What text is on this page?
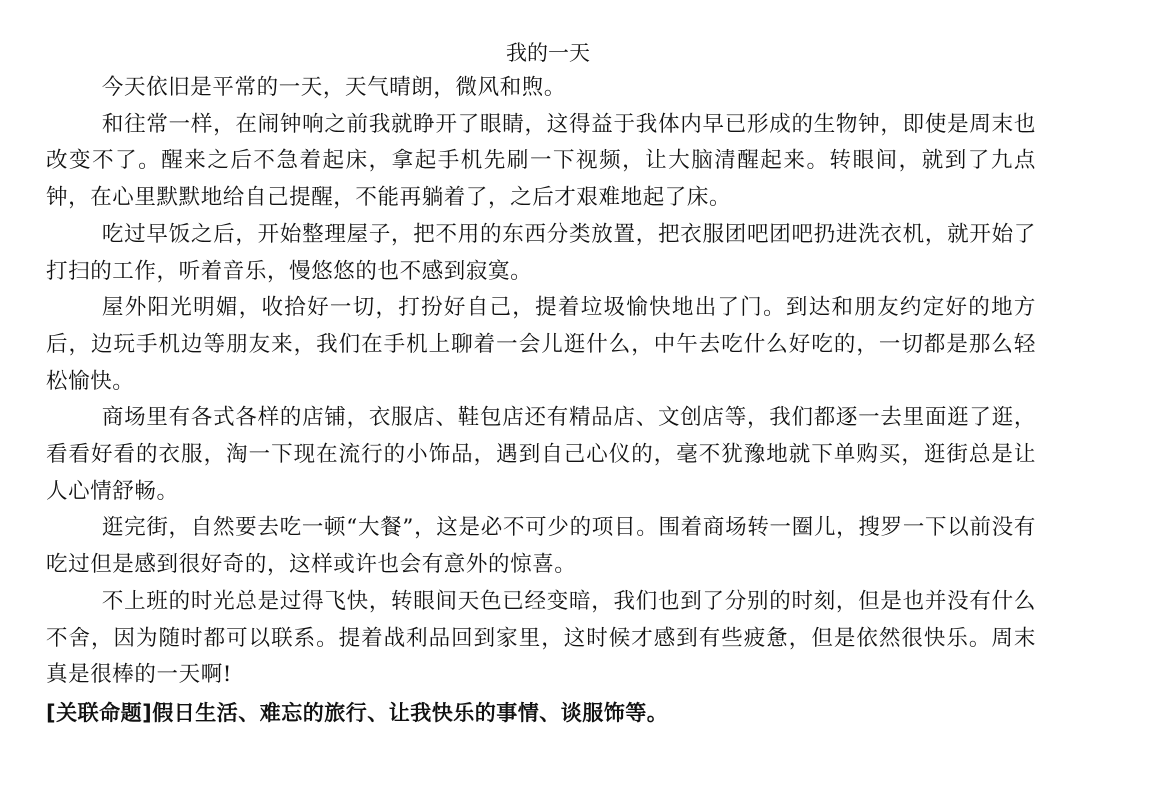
我的一天

今天依旧是平常的一天，天气晴朗，微风和煦。

和往常一样，在闹钟响之前我就睁开了眼睛，这得益于我体内早已形成的生物钟，即使是周末也改变不了。醒来之后不急着起床，拿起手机先刷一下视频，让大脑清醒起来。转眼间，就到了九点钟，在心里默默地给自己提醒，不能再躺着了，之后才艰难地起了床。

吃过早饭之后，开始整理屋子，把不用的东西分类放置，把衣服团吧团吧扔进洗衣机，就开始了打扫的工作，听着音乐，慢悠悠的也不感到寂寞。

屋外阳光明媚，收拾好一切，打扮好自己，提着垃圾愉快地出了门。到达和朋友约定好的地方后，边玩手机边等朋友来，我们在手机上聊着一会儿逛什么，中午去吃什么好吃的，一切都是那么轻松愉快。

商场里有各式各样的店铺，衣服店、鞋包店还有精品店、文创店等，我们都逐一去里面逛了逛，看看好看的衣服，淘一下现在流行的小饰品，遇到自己心仪的，毫不犹豫地就下单购买，逛街总是让人心情舒畅。

逛完街，自然要去吃一顿“大餐”，这是必不可少的项目。围着商场转一圈儿，搜罗一下以前没有吃过但是感到很好奇的，这样或许也会有意外的惊喜。

不上班的时光总是过得飞快，转眼间天色已经变暗，我们也到了分别的时刻，但是也并没有什么不舍，因为随时都可以联系。提着战利品回到家里，这时候才感到有些疲惫，但是依然很快乐。周末真是很棒的一天啊!

[关联命题]假日生活、难忘的旅行、让我快乐的事情、谈服饰等。
